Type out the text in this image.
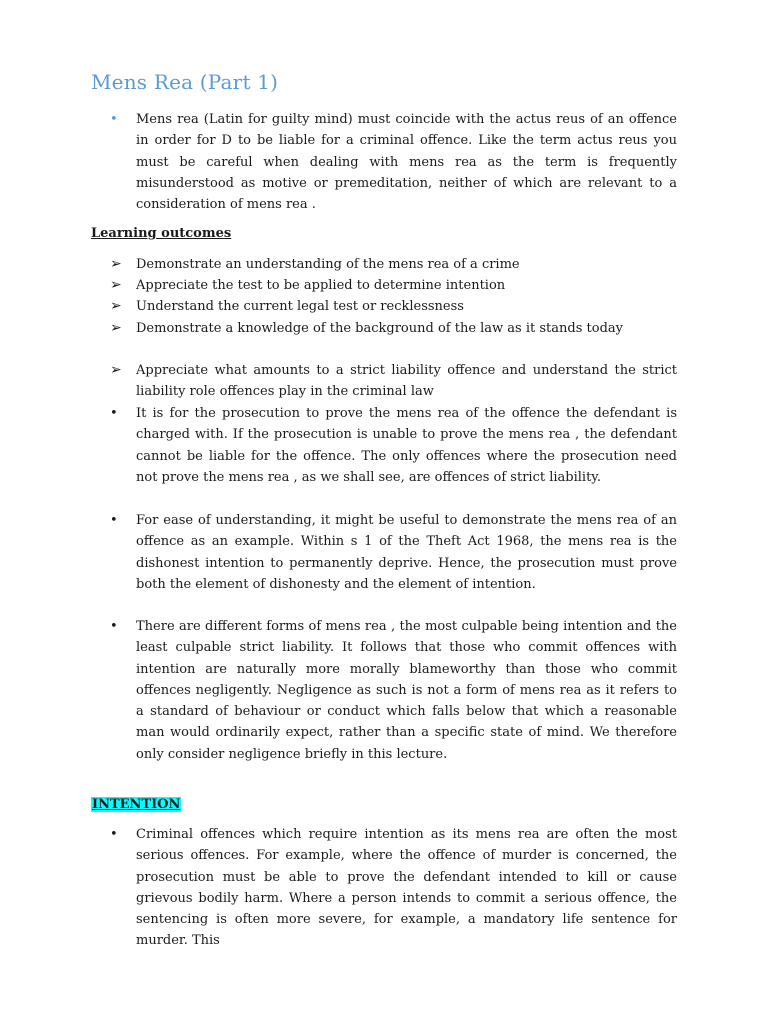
Mens Rea (Part 1)
• Mens rea (Latin for guilty mind) must coincide with the actus reus of an offence in order for D to be liable for a criminal offence. Like the term actus reus you must be careful when dealing with mens rea as the term is frequently misunderstood as motive or premeditation, neither of which are relevant to a consideration of mens rea .

Learning outcomes

➢ Demonstrate an understanding of the mens rea of a crime

➢ Appreciate the test to be applied to determine intention

➢ Understand the current legal test or recklessness

➢ Demonstrate a knowledge of the background of the law as it stands today

➢ Appreciate what amounts to a strict liability offence and understand the strict liability role offences play in the criminal law

• It is for the prosecution to prove the mens rea of the offence the defendant is charged with. If the prosecution is unable to prove the mens rea , the defendant cannot be liable for the offence. The only offences where the prosecution need not prove the mens rea , as we shall see, are offences of strict liability.

• For ease of understanding, it might be useful to demonstrate the mens rea of an offence as an example. Within s 1 of the Theft Act 1968, the mens rea is the dishonest intention to permanently deprive. Hence, the prosecution must prove both the element of dishonesty and the element of intention.

• There are different forms of mens rea , the most culpable being intention and the least culpable strict liability. It follows that those who commit offences with intention are naturally more morally blameworthy than those who commit offences negligently. Negligence as such is not a form of mens rea as it refers to a standard of behaviour or conduct which falls below that which a reasonable man would ordinarily expect, rather than a specific state of mind. We therefore only consider negligence briefly in this lecture.

INTENTION

• Criminal offences which require intention as its mens rea are often the most serious offences. For example, where the offence of murder is concerned, the prosecution must be able to prove the defendant intended to kill or cause grievous bodily harm. Where a person intends to commit a serious offence, the sentencing is often more severe, for example, a mandatory life sentence for murder. This
